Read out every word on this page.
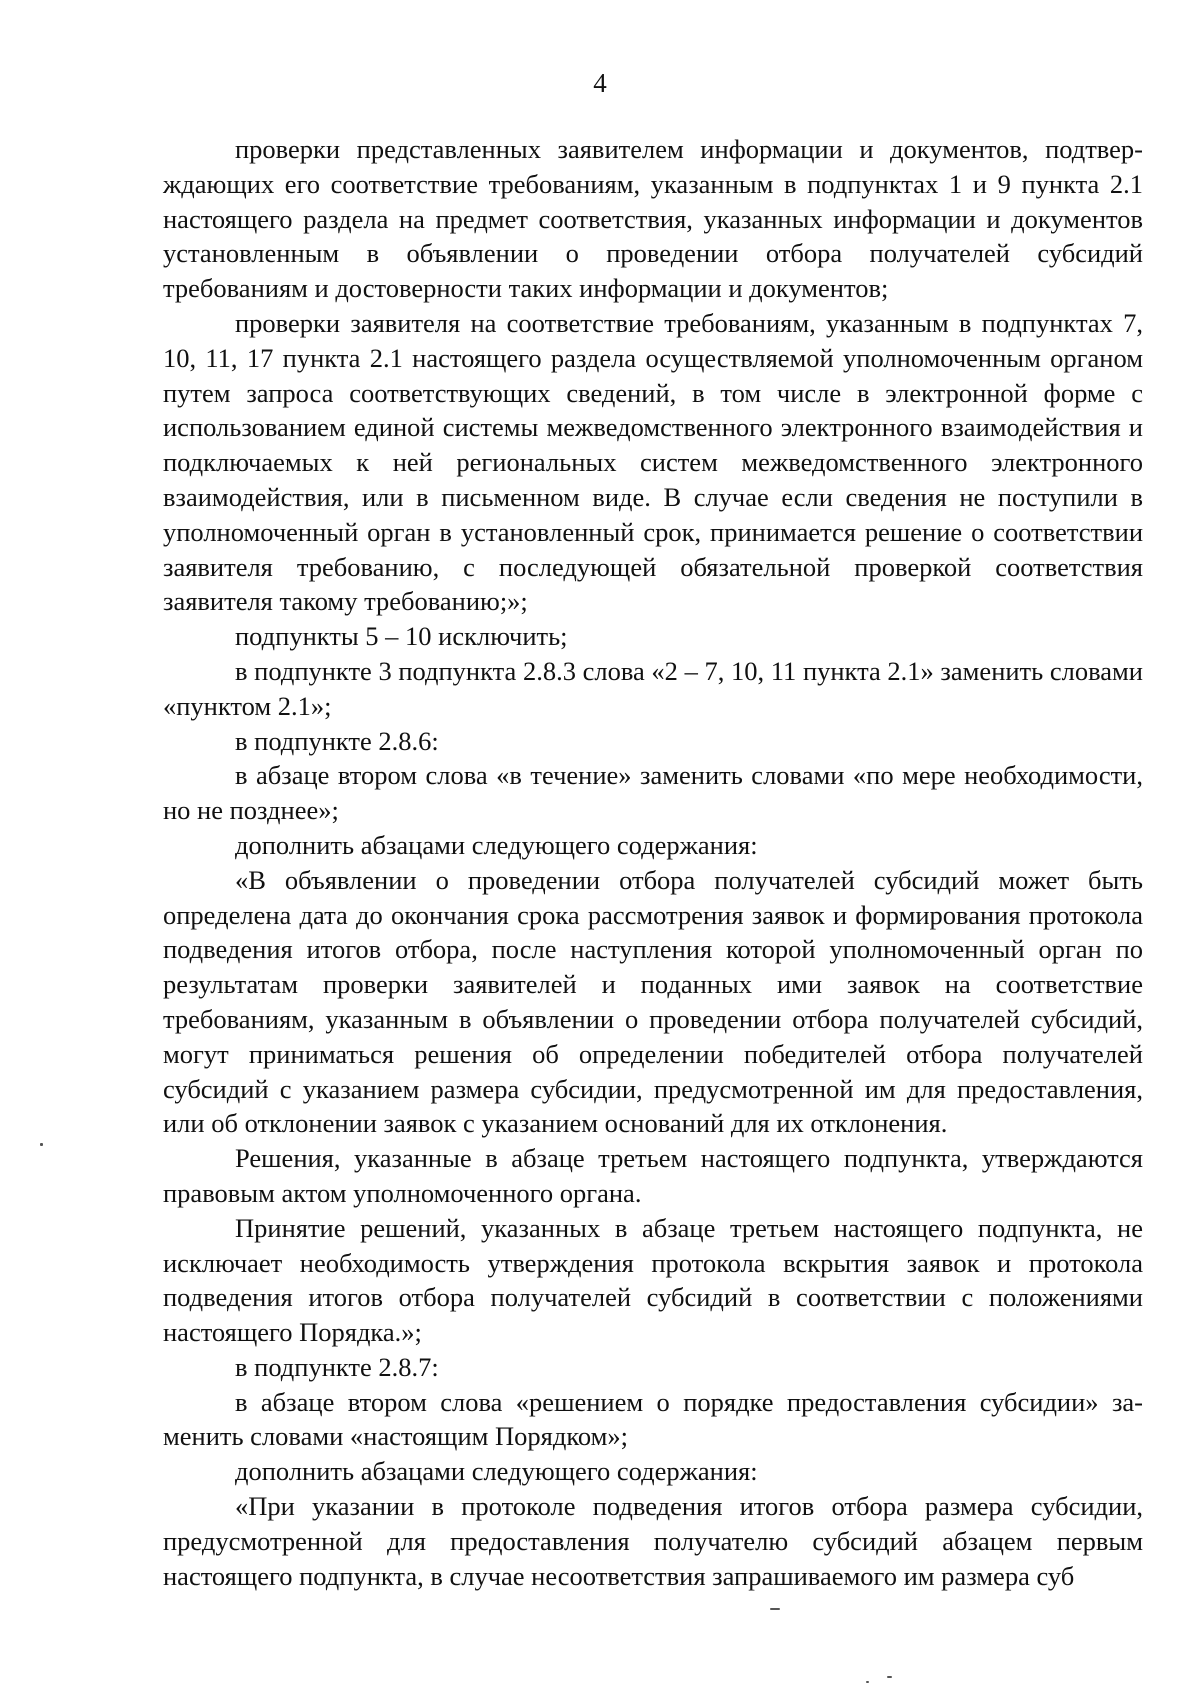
4

проверки представленных заявителем информации и документов, подтверждающих его соответствие требованиям, указанным в подпунктах 1 и 9 пункта 2.1 настоящего раздела на предмет соответствия, указанных информации и документов установленным в объявлении о проведении отбора получателей субсидий требованиям и достоверности таких информации и документов;

проверки заявителя на соответствие требованиям, указанным в подпунктах 7, 10, 11, 17 пункта 2.1 настоящего раздела осуществляемой уполномоченным органом путем запроса соответствующих сведений, в том числе в электронной форме с использованием единой системы межведомственного электронного взаимодействия и подключаемых к ней региональных систем межведомственного электронного взаимодействия, или в письменном виде. В случае если сведения не поступили в уполномоченный орган в установленный срок, принимается решение о соответствии заявителя требованию, с последующей обязательной проверкой соответствия заявителя такому требованию;»;

подпункты 5 – 10 исключить;

в подпункте 3 подпункта 2.8.3 слова «2 – 7, 10, 11 пункта 2.1» заменить словами «пунктом 2.1»;

в подпункте 2.8.6:

в абзаце втором слова «в течение» заменить словами «по мере необходимости, но не позднее»;

дополнить абзацами следующего содержания:

«В объявлении о проведении отбора получателей субсидий может быть определена дата до окончания срока рассмотрения заявок и формирования протокола подведения итогов отбора, после наступления которой уполномоченный орган по результатам проверки заявителей и поданных ими заявок на соответствие требованиям, указанным в объявлении о проведении отбора получателей субсидий, могут приниматься решения об определении победителей отбора получателей субсидий с указанием размера субсидии, предусмотренной им для предоставления, или об отклонении заявок с указанием оснований для их отклонения.

Решения, указанные в абзаце третьем настоящего подпункта, утверждаются правовым актом уполномоченного органа.

Принятие решений, указанных в абзаце третьем настоящего подпункта, не исключает необходимость утверждения протокола вскрытия заявок и протокола подведения итогов отбора получателей субсидий в соответствии с положениями настоящего Порядка.»;

в подпункте 2.8.7:

в абзаце втором слова «решением о порядке предоставления субсидии» заменить словами «настоящим Порядком»;

дополнить абзацами следующего содержания:

«При указании в протоколе подведения итогов отбора размера субсидии, предусмотренной для предоставления получателю субсидий абзацем первым настоящего подпункта, в случае несоответствия запрашиваемого им размера суб
